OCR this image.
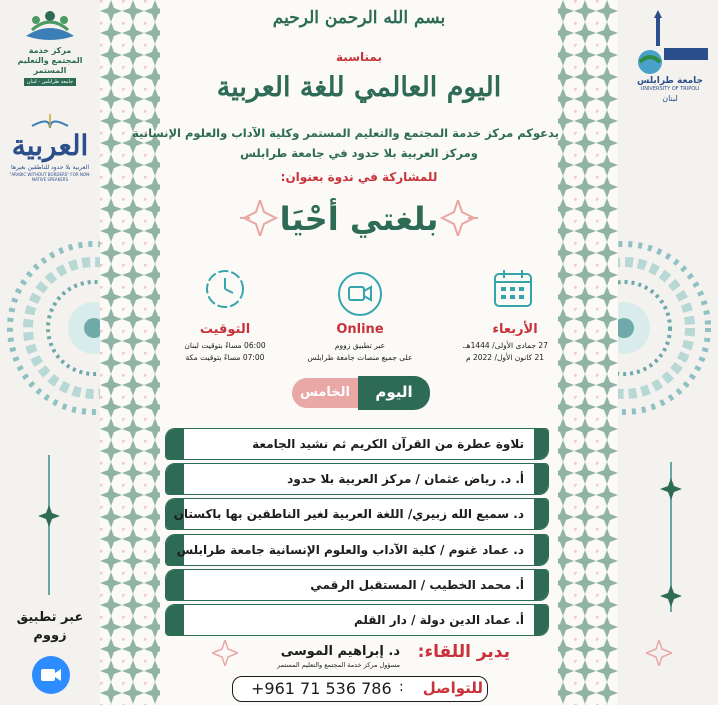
مركز خدمة المجتمع والتعليم المستمر
جامعة طرابلس - لبنان
العربية
العربية بلا حدود للناطقين بغيرها
"ARABIC WITHOUT BORDERS" FOR NON-NATIVE SPEAKERS
عبر تطبيق
زووم
جامعة طرابلس
UNIVERSITY OF TRIPOLI
لبنان
بسم الله الرحمن الرحيم
بمناسبة
اليوم العالمي للغة العربية
يدعوكم مركز خدمة المجتمع والتعليم المستمر وكلية الآداب والعلوم الإنسانية
ومركز العربية بلا حدود في جامعة طرابلس
للمشاركة في ندوة بعنوان:
بلغتي أحْيَا
الأربعاء
27 جمادى الأولى/ 1444هـ.
21 كانون الأول/ 2022 م
Online
عبر تطبيق زووم
على جميع منصات جامعة طرابلس
التوقيت
06:00 مساءً بتوقيت لبنان
07:00 مساءً بتوقيت مكة
الخامس	اليوم
تلاوة عطرة من القرآن الكريم ثم نشيد الجامعة
أ. د. رياض عثمان / مركز العربية بلا حدود
د. سميع الله زبيري/ اللغة العربية لغير الناطقين بها باكستان
د. عماد غنوم / كلية الآداب والعلوم الإنسانية جامعة طرابلس
أ. محمد الخطيب / المستقبل الرقمي
أ. عماد الدين دولة / دار القلم
يدير اللقاء:
د. إبراهيم الموسى
مسؤول مركز خدمة المجتمع والتعليم المستمر
للتواصل
:
+961 71 536 786
